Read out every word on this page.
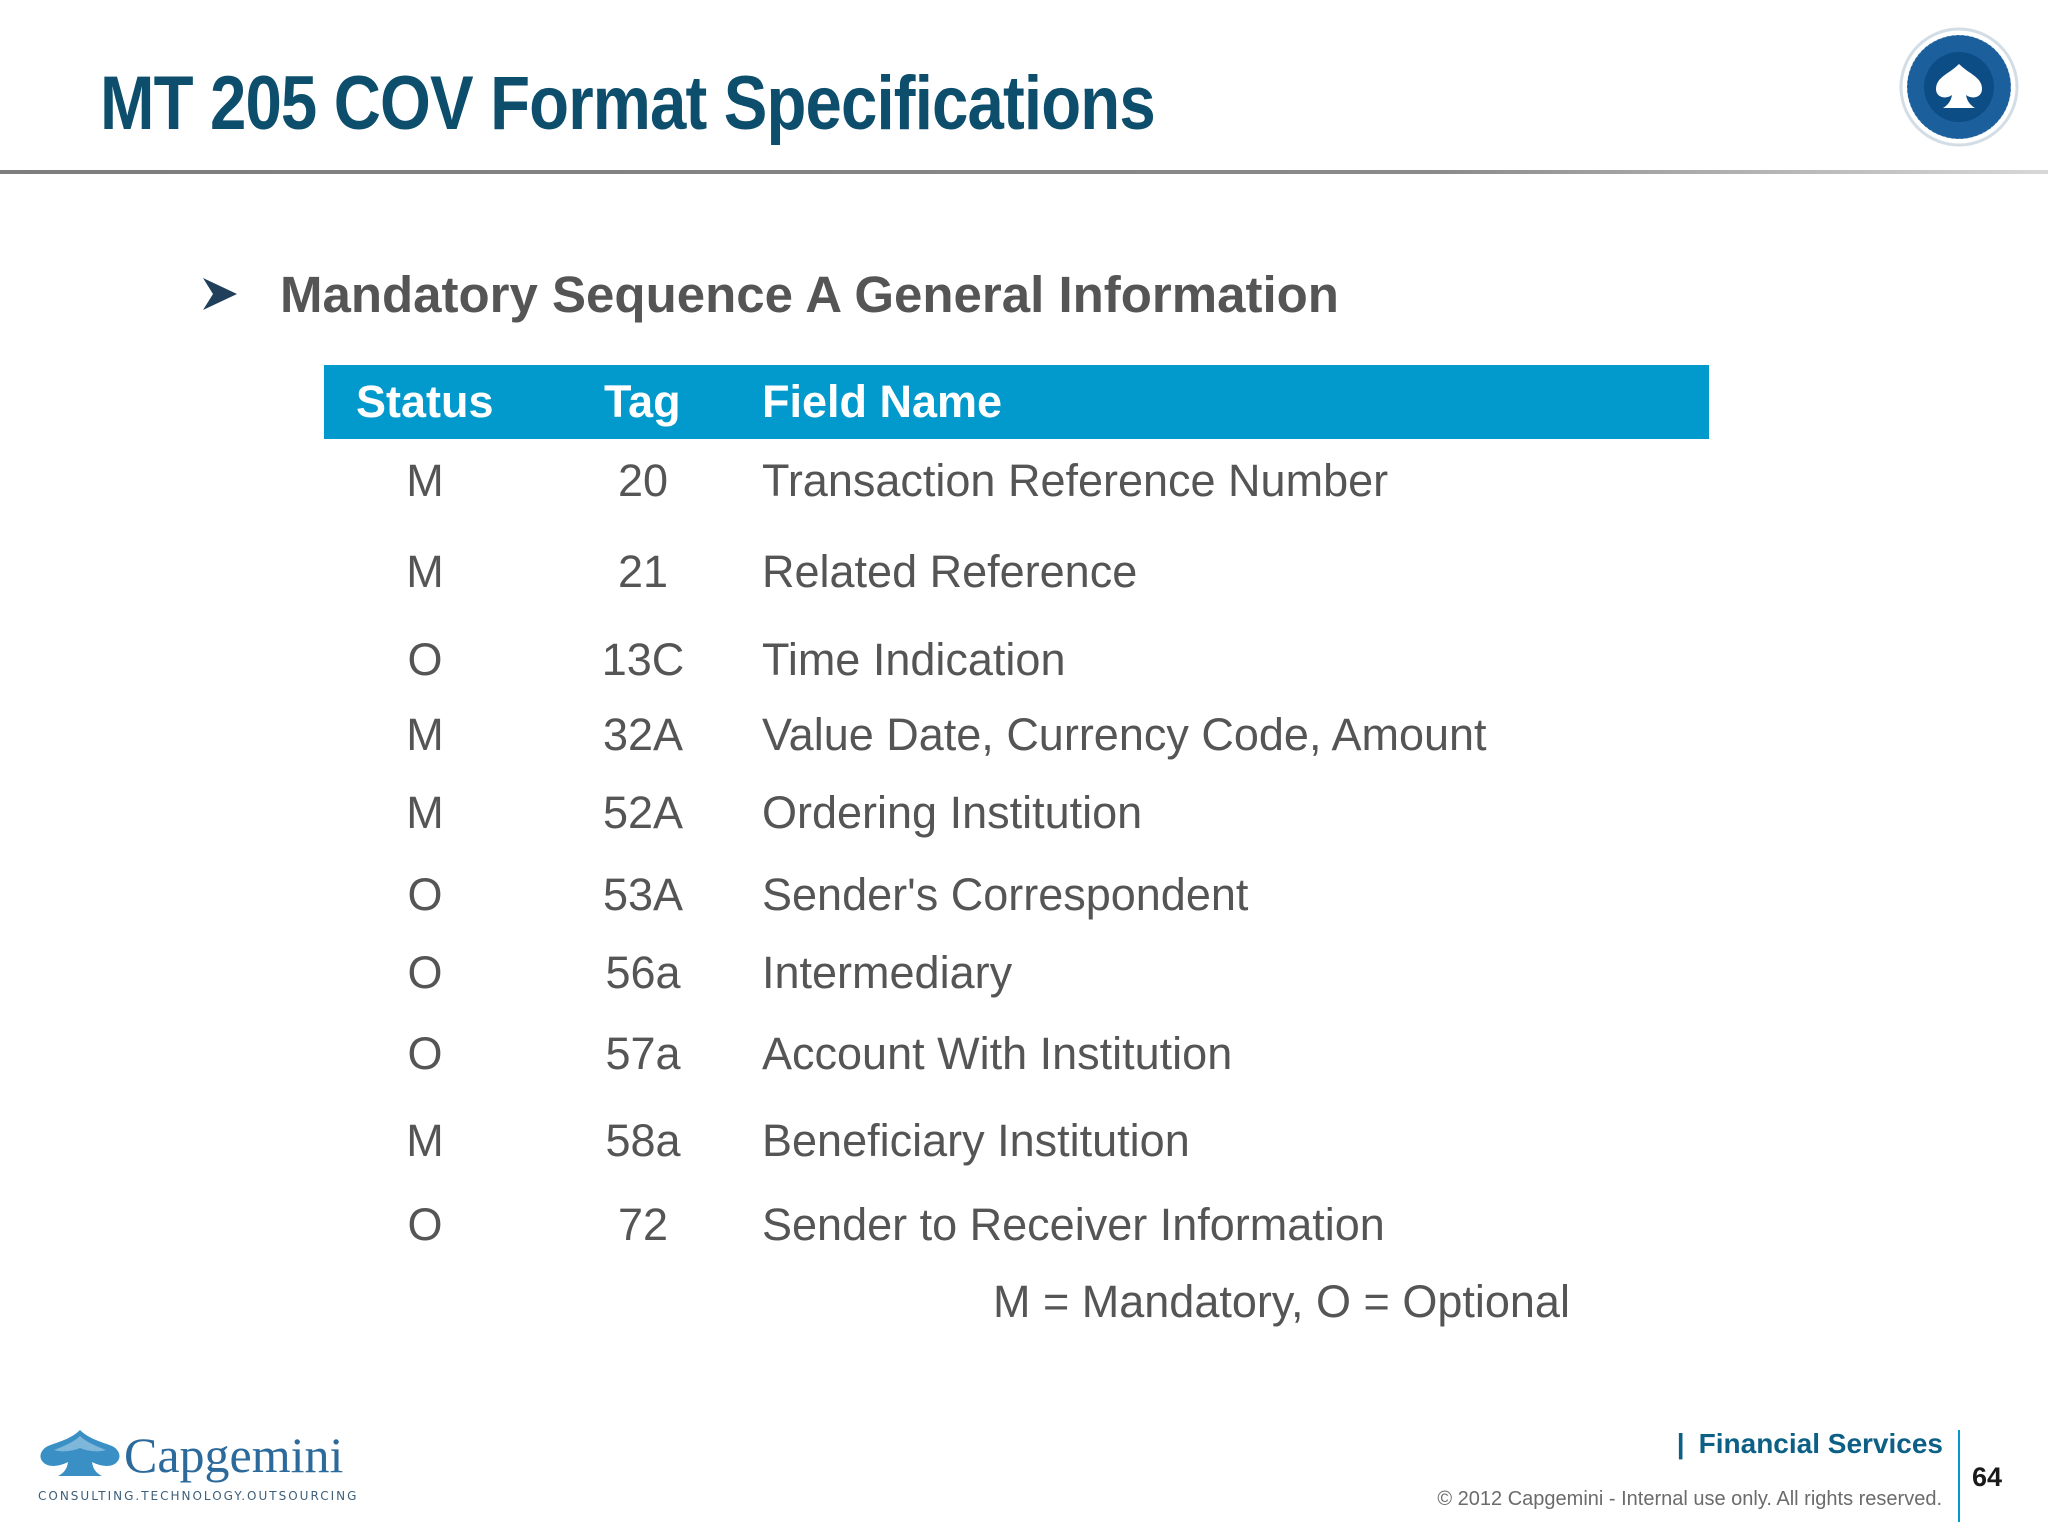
MT 205 COV Format Specifications
Mandatory Sequence A General Information
Status Tag Field Name
M	20 Transaction Reference Number
M	21 Related Reference
O	13C Time Indication
M	32A Value Date, Currency Code, Amount
M	52A Ordering Institution
O	53A Sender's Correspondent
O	56a Intermediary
O	57a Account With Institution
M	58a Beneficiary Institution
O	72 Sender to Receiver Information
M = Mandatory, O = Optional
Capgemini
CONSULTING.TECHNOLOGY.OUTSOURCING
| Financial Services
64
© 2012 Capgemini - Internal use only. All rights reserved.
